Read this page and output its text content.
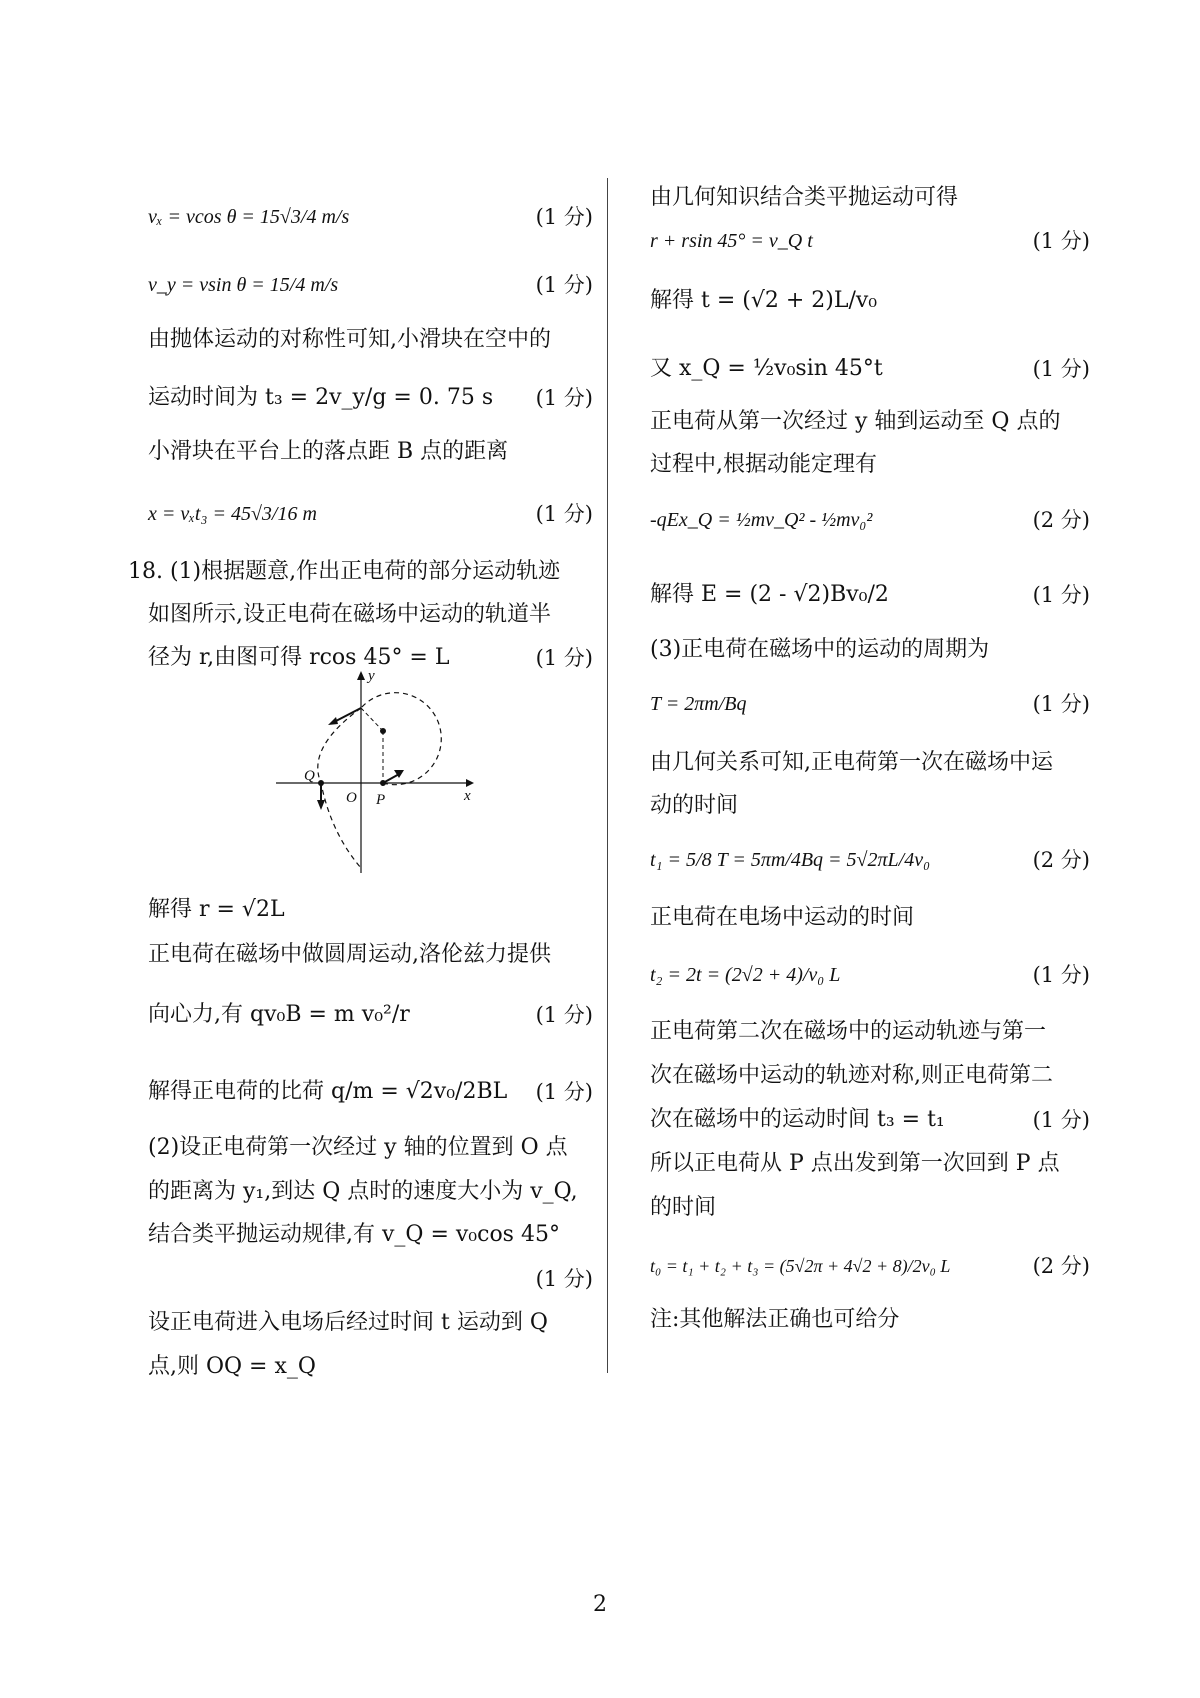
vₓ = vcos θ = 15√3/4 m/s	(1 分)
v_y = vsin θ = 15/4 m/s	(1 分)
由抛体运动的对称性可知,小滑块在空中的
运动时间为 t₃ = 2v_y/g = 0. 75 s (1 分)
小滑块在平台上的落点距 B 点的距离
x = vₓt₃ = 45√3/16 m	(1 分)
18. (1)根据题意,作出正电荷的部分运动轨迹
如图所示,设正电荷在磁场中运动的轨道半
径为 r,由图可得 rcos 45° = L	(1 分)
y
x
Q
O P
解得 r = √2L
正电荷在磁场中做圆周运动,洛伦兹力提供
向心力,有 qv₀B = m v₀²/r	(1 分)
解得正电荷的比荷 q/m = √2v₀/2BL (1 分)
(2)设正电荷第一次经过 y 轴的位置到 O 点
的距离为 y₁,到达 Q 点时的速度大小为 v_Q,
结合类平抛运动规律,有 v_Q = v₀cos 45°
(1 分)
设正电荷进入电场后经过时间 t 运动到 Q
点,则 OQ = x_Q
由几何知识结合类平抛运动可得
r + rsin 45° = v_Q t	(1 分)
解得 t = (√2 + 2)L/v₀
又 x_Q = ½v₀sin 45°t	(1 分)
正电荷从第一次经过 y 轴到运动至 Q 点的
过程中,根据动能定理有
-qEx_Q = ½mv_Q² - ½mv₀²	(2 分)
解得 E = (2 - √2)Bv₀/2	(1 分)
(3)正电荷在磁场中的运动的周期为
T = 2πm/Bq	(1 分)
由几何关系可知,正电荷第一次在磁场中运
动的时间
t₁ = 5/8 T = 5πm/4Bq = 5√2πL/4v₀	(2 分)
正电荷在电场中运动的时间
t₂ = 2t = (2√2 + 4)/v₀ L	(1 分)
正电荷第二次在磁场中的运动轨迹与第一
次在磁场中运动的轨迹对称,则正电荷第二
次在磁场中的运动时间 t₃ = t₁	(1 分)
所以正电荷从 P 点出发到第一次回到 P 点
的时间
t₀ = t₁ + t₂ + t₃ = (5√2π + 4√2 + 8)/2v₀ L	(2 分)
注:其他解法正确也可给分
2
